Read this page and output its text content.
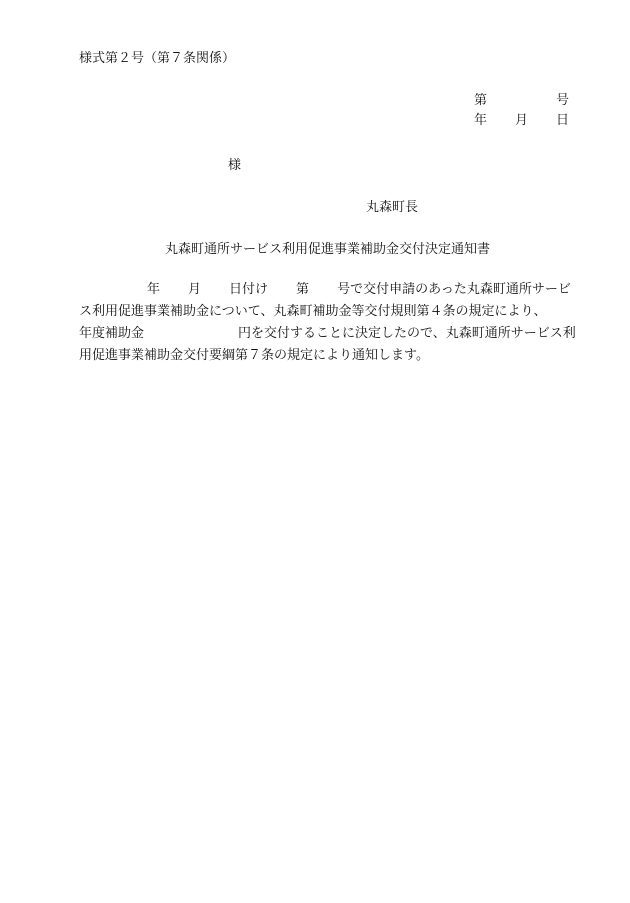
様式第２号（第７条関係）
第	号
年 月 日
様
丸森町長
丸森町通所サービス利用促進事業補助金交付決定通知書
年 月 日付け 第 号で交付申請のあった丸森町通所サービ
ス利用促進事業補助金について、丸森町補助金等交付規則第４条の規定により、
年度補助金	円を交付することに決定したので、丸森町通所サービス利
用促進事業補助金交付要綱第７条の規定により通知します。
